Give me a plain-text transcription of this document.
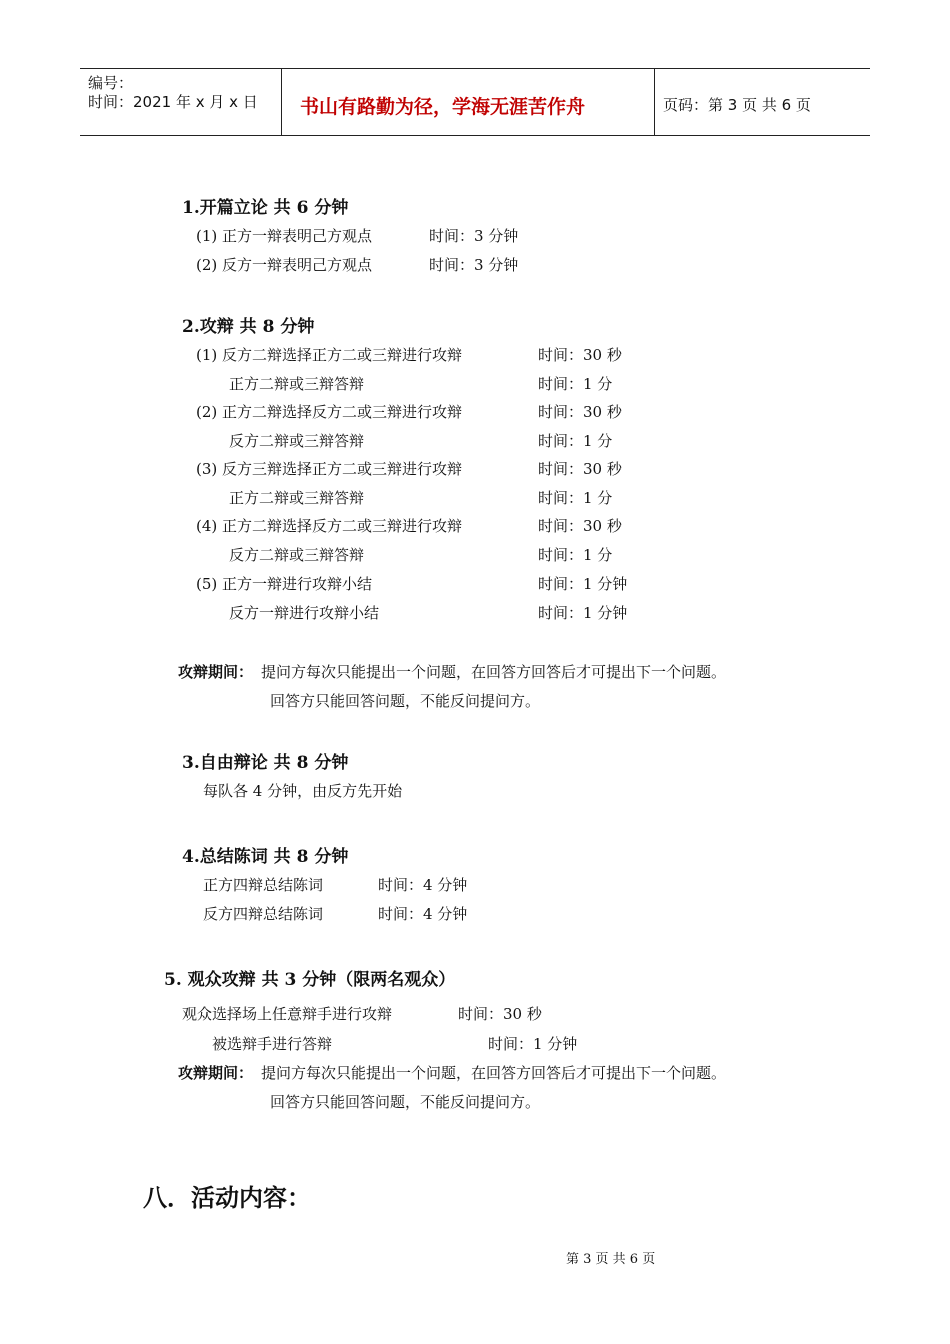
编号：
时间：2021 年 x 月 x 日 书山有路勤为径，学海无涯苦作舟	页码：第 3 页 共 6 页
1.开篇立论 共 6 分钟
(1) 正方一辩表明己方观点	时间：3 分钟
(2) 反方一辩表明己方观点	时间：3 分钟
2.攻辩 共 8 分钟
(1) 反方二辩选择正方二或三辩进行攻辩	时间：30 秒
正方二辩或三辩答辩	时间：1 分
(2) 正方二辩选择反方二或三辩进行攻辩	时间：30 秒
反方二辩或三辩答辩	时间：1 分
(3) 反方三辩选择正方二或三辩进行攻辩	时间：30 秒
正方二辩或三辩答辩	时间：1 分
(4) 正方二辩选择反方二或三辩进行攻辩	时间：30 秒
反方二辩或三辩答辩	时间：1 分
(5) 正方一辩进行攻辩小结	时间：1 分钟
反方一辩进行攻辩小结	时间：1 分钟
攻辩期间： 提问方每次只能提出一个问题，在回答方回答后才可提出下一个问题。
回答方只能回答问题，不能反问提问方。
3.自由辩论 共 8 分钟
每队各 4 分钟，由反方先开始
4.总结陈词 共 8 分钟
正方四辩总结陈词	时间：4 分钟
反方四辩总结陈词	时间：4 分钟
5. 观众攻辩 共 3 分钟（限两名观众）
观众选择场上任意辩手进行攻辩	时间：30 秒
被选辩手进行答辩	时间：1 分钟
攻辩期间： 提问方每次只能提出一个问题，在回答方回答后才可提出下一个问题。
回答方只能回答问题，不能反问提问方。
八．活动内容：
第 3 页 共 6 页
